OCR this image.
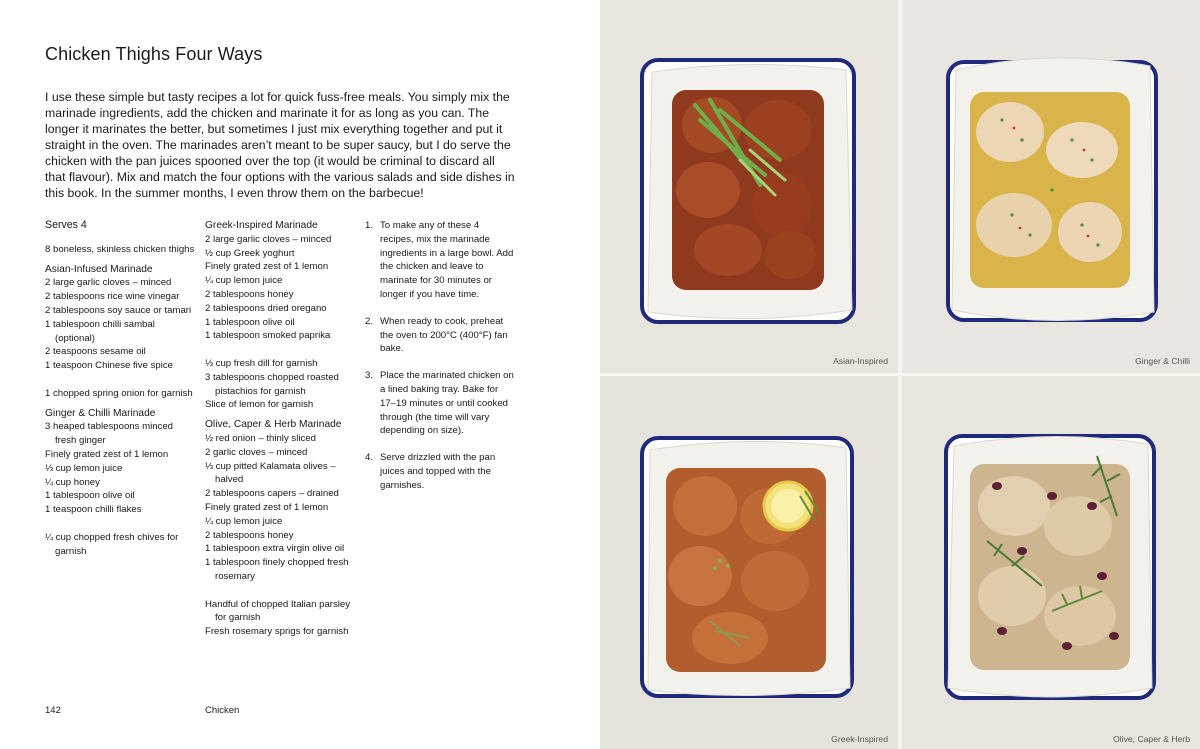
Chicken Thighs Four Ways

I use these simple but tasty recipes a lot for quick fuss-free meals. You simply mix the marinade ingredients, add the chicken and marinate it for as long as you can. The longer it marinates the better, but sometimes I just mix everything together and put it straight in the oven. The marinades aren’t meant to be super saucy, but I do serve the chicken with the pan juices spooned over the top (it would be criminal to discard all that flavour). Mix and match the four options with the various salads and side dishes in this book. In the summer months, I even throw them on the barbecue!

Serves 4
8 boneless, skinless chicken thighs
Asian-Infused Marinade
2 large garlic cloves – minced
2 tablespoons rice wine vinegar
2 tablespoons soy sauce or tamari
1 tablespoon chilli sambal (optional)
2 teaspoons sesame oil
1 teaspoon Chinese five spice
1 chopped spring onion for garnish
Ginger & Chilli Marinade
3 heaped tablespoons minced fresh ginger
Finely grated zest of 1 lemon
⅓ cup lemon juice
¼ cup honey
1 tablespoon olive oil
1 teaspoon chilli flakes
¼ cup chopped fresh chives for garnish
Greek-Inspired Marinade
2 large garlic cloves – minced
½ cup Greek yoghurt
Finely grated zest of 1 lemon
¼ cup lemon juice
2 tablespoons honey
2 tablespoons dried oregano
1 tablespoon olive oil
1 tablespoon smoked paprika
⅓ cup fresh dill for garnish
3 tablespoons chopped roasted pistachios for garnish
Slice of lemon for garnish
Olive, Caper & Herb Marinade
½ red onion – thinly sliced
2 garlic cloves – minced
⅓ cup pitted Kalamata olives – halved
2 tablespoons capers – drained
Finely grated zest of 1 lemon
¼ cup lemon juice
2 tablespoons honey
1 tablespoon extra virgin olive oil
1 tablespoon finely chopped fresh rosemary
Handful of chopped Italian parsley for garnish
Fresh rosemary sprigs for garnish
1. To make any of these 4 recipes, mix the marinade ingredients in a large bowl. Add the chicken and leave to marinate for 30 minutes or longer if you have time.
2. When ready to cook, preheat the oven to 200°C (400°F) fan bake.
3. Place the marinated chicken on a lined baking tray. Bake for 17–19 minutes or until cooked through (the time will vary depending on size).
4. Serve drizzled with the pan juices and topped with the garnishes.
142	Chicken
Asian-Inspired	Ginger & Chilli
Greek-Inspired	Olive, Caper & Herb
